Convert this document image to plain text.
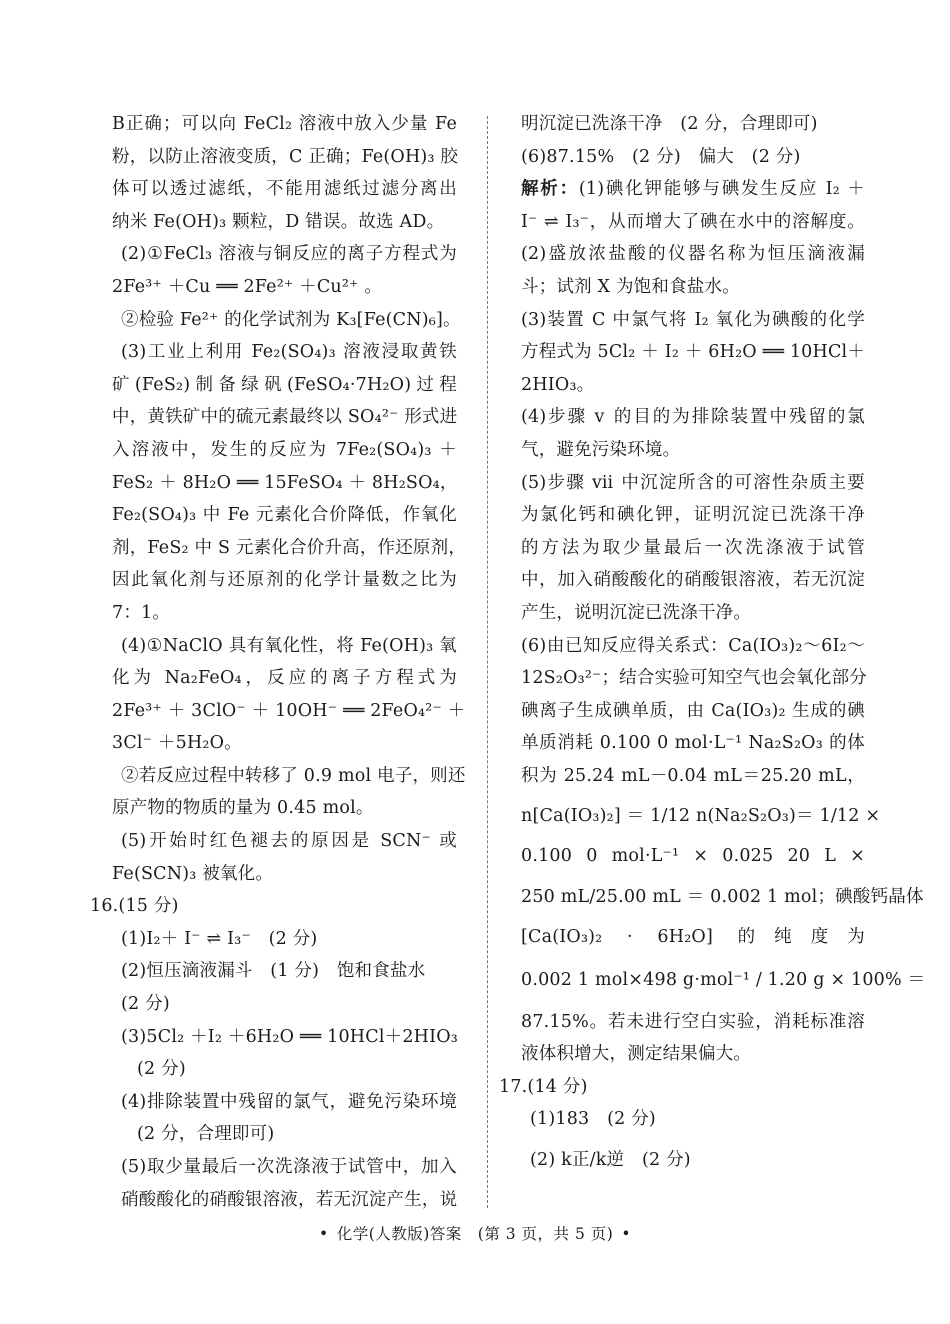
B正确；可以向 FeCl₂ 溶液中放入少量 Fe
粉，以防止溶液变质，C 正确；Fe(OH)₃ 胶
体可以透过滤纸，不能用滤纸过滤分离出
纳米 Fe(OH)₃ 颗粒，D 错误。故选 AD。
(2)①FeCl₃ 溶液与铜反应的离子方程式为
2Fe³⁺ ＋Cu ══ 2Fe²⁺ ＋Cu²⁺ 。
②检验 Fe²⁺ 的化学试剂为 K₃[Fe(CN)₆]。
(3)工业上利用 Fe₂(SO₄)₃ 溶液浸取黄铁
矿(FeS₂)制备绿矾(FeSO₄·7H₂O)过程
中，黄铁矿中的硫元素最终以 SO₄²⁻ 形式进
入溶液中，发生的反应为 7Fe₂(SO₄)₃ ＋
FeS₂ ＋ 8H₂O ══ 15FeSO₄ ＋ 8H₂SO₄，
Fe₂(SO₄)₃ 中 Fe 元素化合价降低，作氧化
剂，FeS₂ 中 S 元素化合价升高，作还原剂，
因此氧化剂与还原剂的化学计量数之比为
7：1。
(4)①NaClO 具有氧化性，将 Fe(OH)₃ 氧
化为 Na₂FeO₄，反应的离子方程式为
2Fe³⁺ ＋ 3ClO⁻ ＋ 10OH⁻ ══ 2FeO₄²⁻ ＋
3Cl⁻ ＋5H₂O。
②若反应过程中转移了 0.9 mol 电子，则还
原产物的物质的量为 0.45 mol。
(5)开始时红色褪去的原因是 SCN⁻ 或
Fe(SCN)₃ 被氧化。
16.(15 分)
(1)I₂＋ I⁻ ⇌ I₃⁻　(2 分)
(2)恒压滴液漏斗　(1 分)　饱和食盐水
(2 分)
(3)5Cl₂ ＋I₂ ＋6H₂O ══ 10HCl＋2HIO₃
(2 分)
(4)排除装置中残留的氯气，避免污染环境
(2 分，合理即可)
(5)取少量最后一次洗涤液于试管中，加入
硝酸酸化的硝酸银溶液，若无沉淀产生，说
明沉淀已洗涤干净　(2 分，合理即可)
(6)87.15%　(2 分)　偏大　(2 分)
解析：(1)碘化钾能够与碘发生反应 I₂ ＋
I⁻ ⇌ I₃⁻，从而增大了碘在水中的溶解度。
(2)盛放浓盐酸的仪器名称为恒压滴液漏
斗；试剂 X 为饱和食盐水。
(3)装置 C 中氯气将 I₂ 氧化为碘酸的化学
方程式为 5Cl₂ ＋ I₂ ＋ 6H₂O ══ 10HCl＋
2HIO₃。
(4)步骤 ⅴ 的目的为排除装置中残留的氯
气，避免污染环境。
(5)步骤 ⅶ 中沉淀所含的可溶性杂质主要
为氯化钙和碘化钾，证明沉淀已洗涤干净
的方法为取少量最后一次洗涤液于试管
中，加入硝酸酸化的硝酸银溶液，若无沉淀
产生，说明沉淀已洗涤干净。
(6)由已知反应得关系式：Ca(IO₃)₂～6I₂～
12S₂O₃²⁻；结合实验可知空气也会氧化部分
碘离子生成碘单质，由 Ca(IO₃)₂ 生成的碘
单质消耗 0.100 0 mol·L⁻¹ Na₂S₂O₃ 的体
积为 25.24 mL－0.04 mL＝25.20 mL，
n[Ca(IO₃)₂] ＝ 1/12 n(Na₂S₂O₃)＝ 1/12 ×
0.100 0 mol·L⁻¹ × 0.025 20 L ×
250 mL/25.00 mL ＝ 0.002 1 mol；碘酸钙晶体
[Ca(IO₃)₂ · 6H₂O] 的纯度为
0.002 1 mol×498 g·mol⁻¹ / 1.20 g × 100% ＝
87.15%。若未进行空白实验，消耗标准溶
液体积增大，测定结果偏大。
17.(14 分)
(1)183　(2 分)
(2) k正/k逆　(2 分)
• 化学(人教版)答案　(第 3 页，共 5 页) •
